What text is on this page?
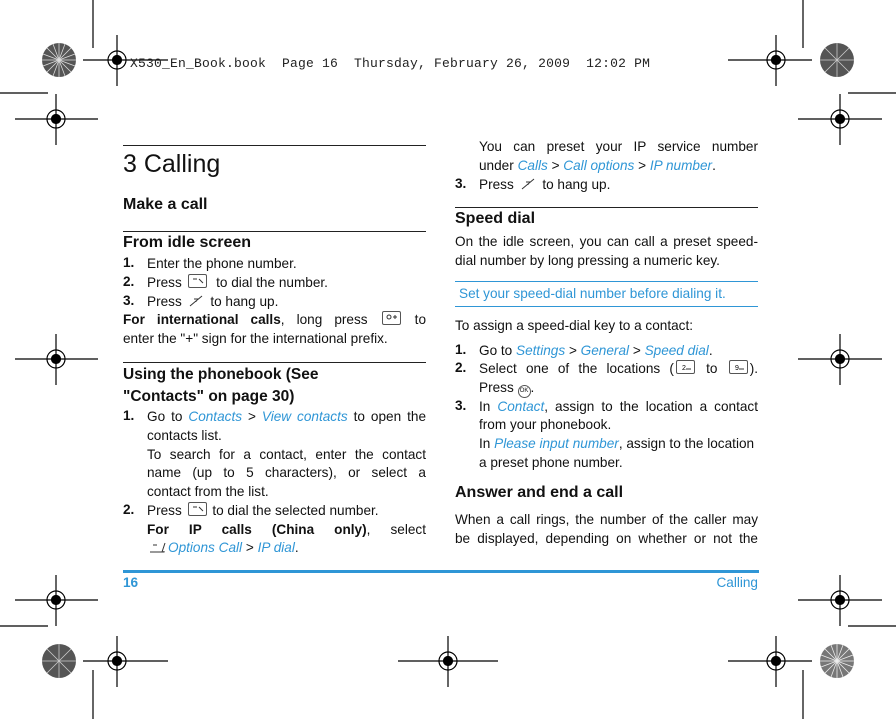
X530_En_Book.book  Page 16  Thursday, February 26, 2009  12:02 PM
3 Calling
Make a call
From idle screen
1. Enter the phone number.
2. Press	to dial the number.
3. Press to hang up.
For international calls, long press	to
enter the "+" sign for the international prefix.
Using the phonebook (See
"Contacts" on page 30)
1. Go to Contacts > View contacts to open the
contacts list.
To search for a contact, enter the contact
name (up to 5 characters), or select a
contact from the list.
2. Press to dial the selected number.
For IP calls (China only), select
Options Call > IP dial.
You can preset your IP service number
under Calls > Call options > IP number.
3. Press to hang up.
Speed dial
On the idle screen, you can call a preset speed-
dial number by long pressing a numeric key.
Set your speed-dial number before dialing it.
To assign a speed-dial key to a contact:
1. Go to Settings > General > Speed dial.
2. Select one of the locations ( 2 to 9 ).
Press OK .
3. In Contact, assign to the location a contact
from your phonebook.
In Please input number, assign to the location
a preset phone number.
Answer and end a call
When a call rings, the number of the caller may
be displayed, depending on whether or not the
16	Calling
